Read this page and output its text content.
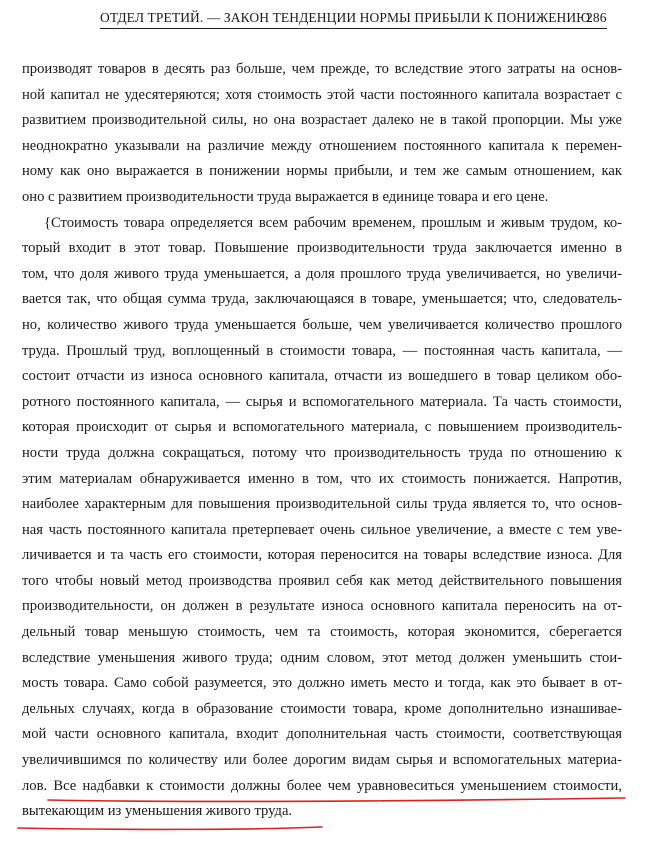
ОТДЕЛ ТРЕТИЙ. — ЗАКОН ТЕНДЕНЦИИ НОРМЫ ПРИБЫЛИ К ПОНИЖЕНИЮ
286
производят товаров в десять раз больше, чем прежде, то вследствие этого затраты на основ-
ной капитал не удесятеряются; хотя стоимость этой части постоянного капитала возрастает с
развитием производительной силы, но она возрастает далеко не в такой пропорции. Мы уже
неоднократно указывали на различие между отношением постоянного капитала к перемен-
ному как оно выражается в понижении нормы прибыли, и тем же самым отношением, как
оно с развитием производительности труда выражается в единице товара и его цене.
{Стоимость товара определяется всем рабочим временем, прошлым и живым трудом, ко-
торый входит в этот товар. Повышение производительности труда заключается именно в
том, что доля живого труда уменьшается, а доля прошлого труда увеличивается, но увеличи-
вается так, что общая сумма труда, заключающаяся в товаре, уменьшается; что, следователь-
но, количество живого труда уменьшается больше, чем увеличивается количество прошлого
труда. Прошлый труд, воплощенный в стоимости товара, — постоянная часть капитала, —
состоит отчасти из износа основного капитала, отчасти из вошедшего в товар целиком обо-
ротного постоянного капитала, — сырья и вспомогательного материала. Та часть стоимости,
которая происходит от сырья и вспомогательного материала, с повышением производитель-
ности труда должна сокращаться, потому что производительность труда по отношению к
этим материалам обнаруживается именно в том, что их стоимость понижается. Напротив,
наиболее характерным для повышения производительной силы труда является то, что основ-
ная часть постоянного капитала претерпевает очень сильное увеличение, а вместе с тем уве-
личивается и та часть его стоимости, которая переносится на товары вследствие износа. Для
того чтобы новый метод производства проявил себя как метод действительного повышения
производительности, он должен в результате износа основного капитала переносить на от-
дельный товар меньшую стоимость, чем та стоимость, которая экономится, сберегается
вследствие уменьшения живого труда; одним словом, этот метод должен уменьшить стои-
мость товара. Само собой разумеется, это должно иметь место и тогда, как это бывает в от-
дельных случаях, когда в образование стоимости товара, кроме дополнительно изнашивае-
мой части основного капитала, входит дополнительная часть стоимости, соответствующая
увеличившимся по количеству или более дорогим видам сырья и вспомогательных материа-
лов. Все надбавки к стоимости должны более чем уравновеситься уменьшением стоимости,
вытекающим из уменьшения живого труда.
